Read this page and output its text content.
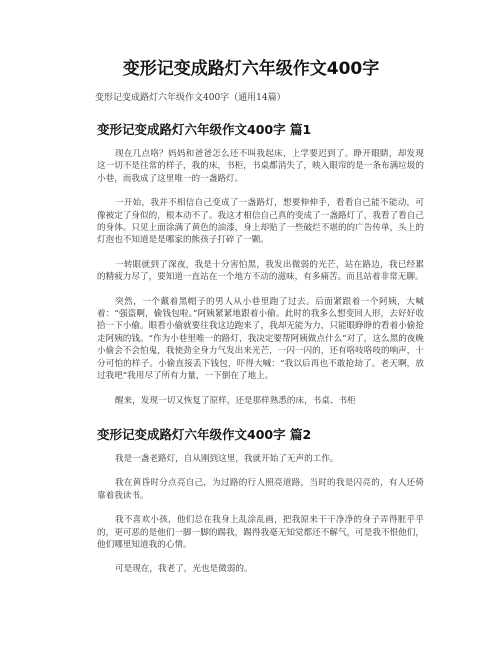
变形记变成路灯六年级作文400字
变形记变成路灯六年级作文400字（通用14篇）
变形记变成路灯六年级作文400字 篇1

现在几点咯？妈妈和爸爸怎么还不叫我起床，上学要迟到了。睁开眼睛，却发现这一切不是往常的样子，我的床，书柜，书桌都消失了，映入眼帘的是一条布满垃圾的小巷，而我成了这里唯一的一盏路灯。

一开始，我并不相信自己变成了一盏路灯，想要伸伸手，看看自己能不能动，可像被定了身似的，根本动不了。我这才相信自己真的变成了一盏路灯了，我看了看自己的身体。只见上面涂满了黄色的油漆，身上却贴了一些破烂不堪的的广告传单，头上的灯泡也不知道是是哪家的熊孩子打碎了一颗。

一转眼就到了深夜，我是十分害怕黑，我发出微弱的光芒，站在路边，我已经累的精疲力尽了，要知道一直站在一个地方不动的滋味，有多痛苦。而且站着非常无聊。

突然，一个戴着黑帽子的男人从小巷里跑了过去。后面紧跟着一个阿姨，大喊着：“强盗啊，偷钱包啦。”阿姨紧紧地跟着小偷。此时的我多么想变回人形，去好好收拾一下小偷。眼看小偷就要往我这边跑来了，我却无能为力，只能眼睁睁的看着小偷抢走阿姨的钱。“作为小巷里唯一的路灯，我决定要帮阿姨做点什么”对了，这么黑的夜晚小偷会不会怕鬼，我使劲全身力气发出来光芒，一闪一闪的，还有咯吱咯吱的响声，十分可怕的样子。小偷直接丢下钱包，吓得大喊：“我以后再也不敢抢劫了。老天啊，放过我吧”我用尽了所有力量，一下倒在了地上。

醒来，发现一切又恢复了原样，还是那样熟悉的床，书桌、书柜

变形记变成路灯六年级作文400字 篇2

我是一盏老路灯，自从刚到这里，我就开始了无声的工作。

我在黄昏时分点亮自己，为过路的行人照亮道路，当时的我是闪亮的，有人还倚靠着我读书。

我不喜欢小孩，他们总在我身上乱涂乱画，把我原来干干净净的身子弄得脏乎乎的，更可恶的是他们一脚一脚的踢我，踢得我毫无知觉都还不解气，可是我不恨他们，他们哪里知道我的心情。

可是现在，我老了，光也是微弱的。
